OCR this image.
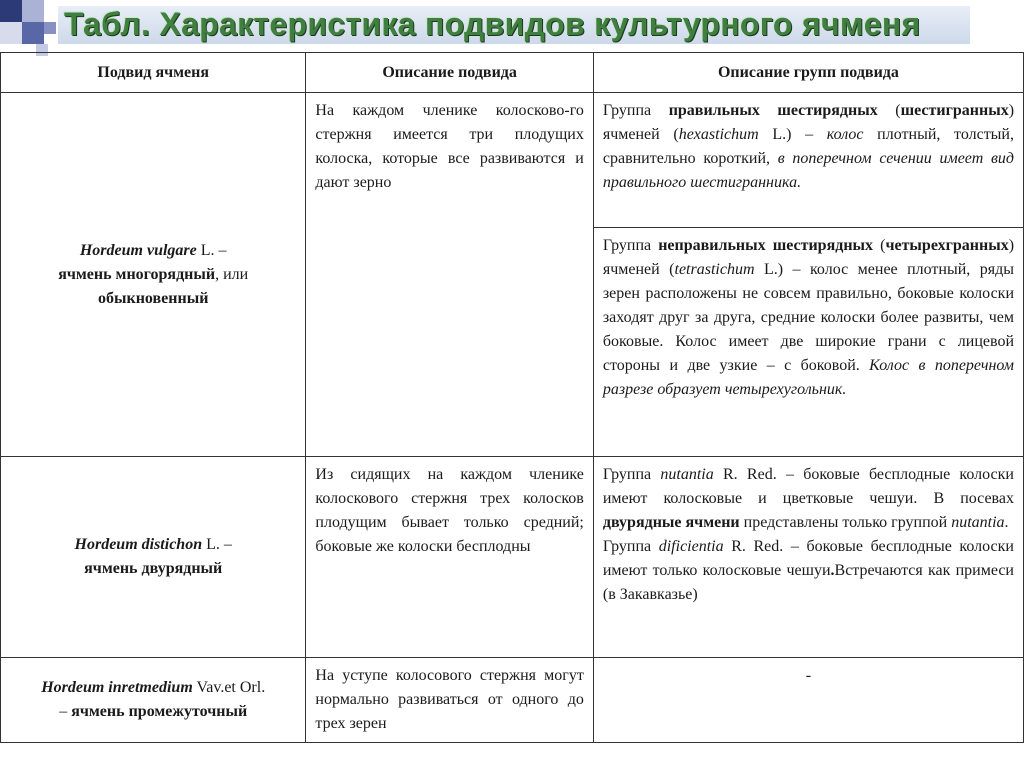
Табл. Характеристика подвидов культурного ячменя
Подвид ячменя	Описание подвида	Описание групп подвида
Hordeum vulgare L. –
ячмень многорядный, или
обыкновенный	На каждом членике колосково-го стержня имеется три плодущих колоска, которые все развиваются и дают зерно	Группа правильных шестирядных (шестигранных) ячменей (hexastichum L.) – колос плотный, толстый, сравнительно короткий, в поперечном сечении имеет вид правильного шестигранника.
		Группа неправильных шестирядных (четырехгранных) ячменей (tetrastichum L.) – колос менее плотный, ряды зерен расположены не совсем правильно, боковые колоски заходят друг за друга, средние колоски более развиты, чем боковые. Колос имеет две широкие грани с лицевой стороны и две узкие – с боковой. Колос в поперечном разрезе образует четырехугольник.
Hordeum distichon L. –
ячмень двурядный	Из сидящих на каждом членике колоскового стержня трех колосков плодущим бывает только средний; боковые же колоски бесплодны	Группа nutantia R. Red. – боковые бесплодные колоски имеют колосковые и цветковые чешуи. В посевах двурядные ячмени представлены только группой nutantia.
Группа dificientia R. Red. – боковые бесплодные колоски имеют только колосковые чешуи.Встречаются как примеси (в Закавказье)
Hordeum inretmedium Vav.et Orl.
– ячмень промежуточный	На уступе колосового стержня могут нормально развиваться от одного до трех зерен	-
